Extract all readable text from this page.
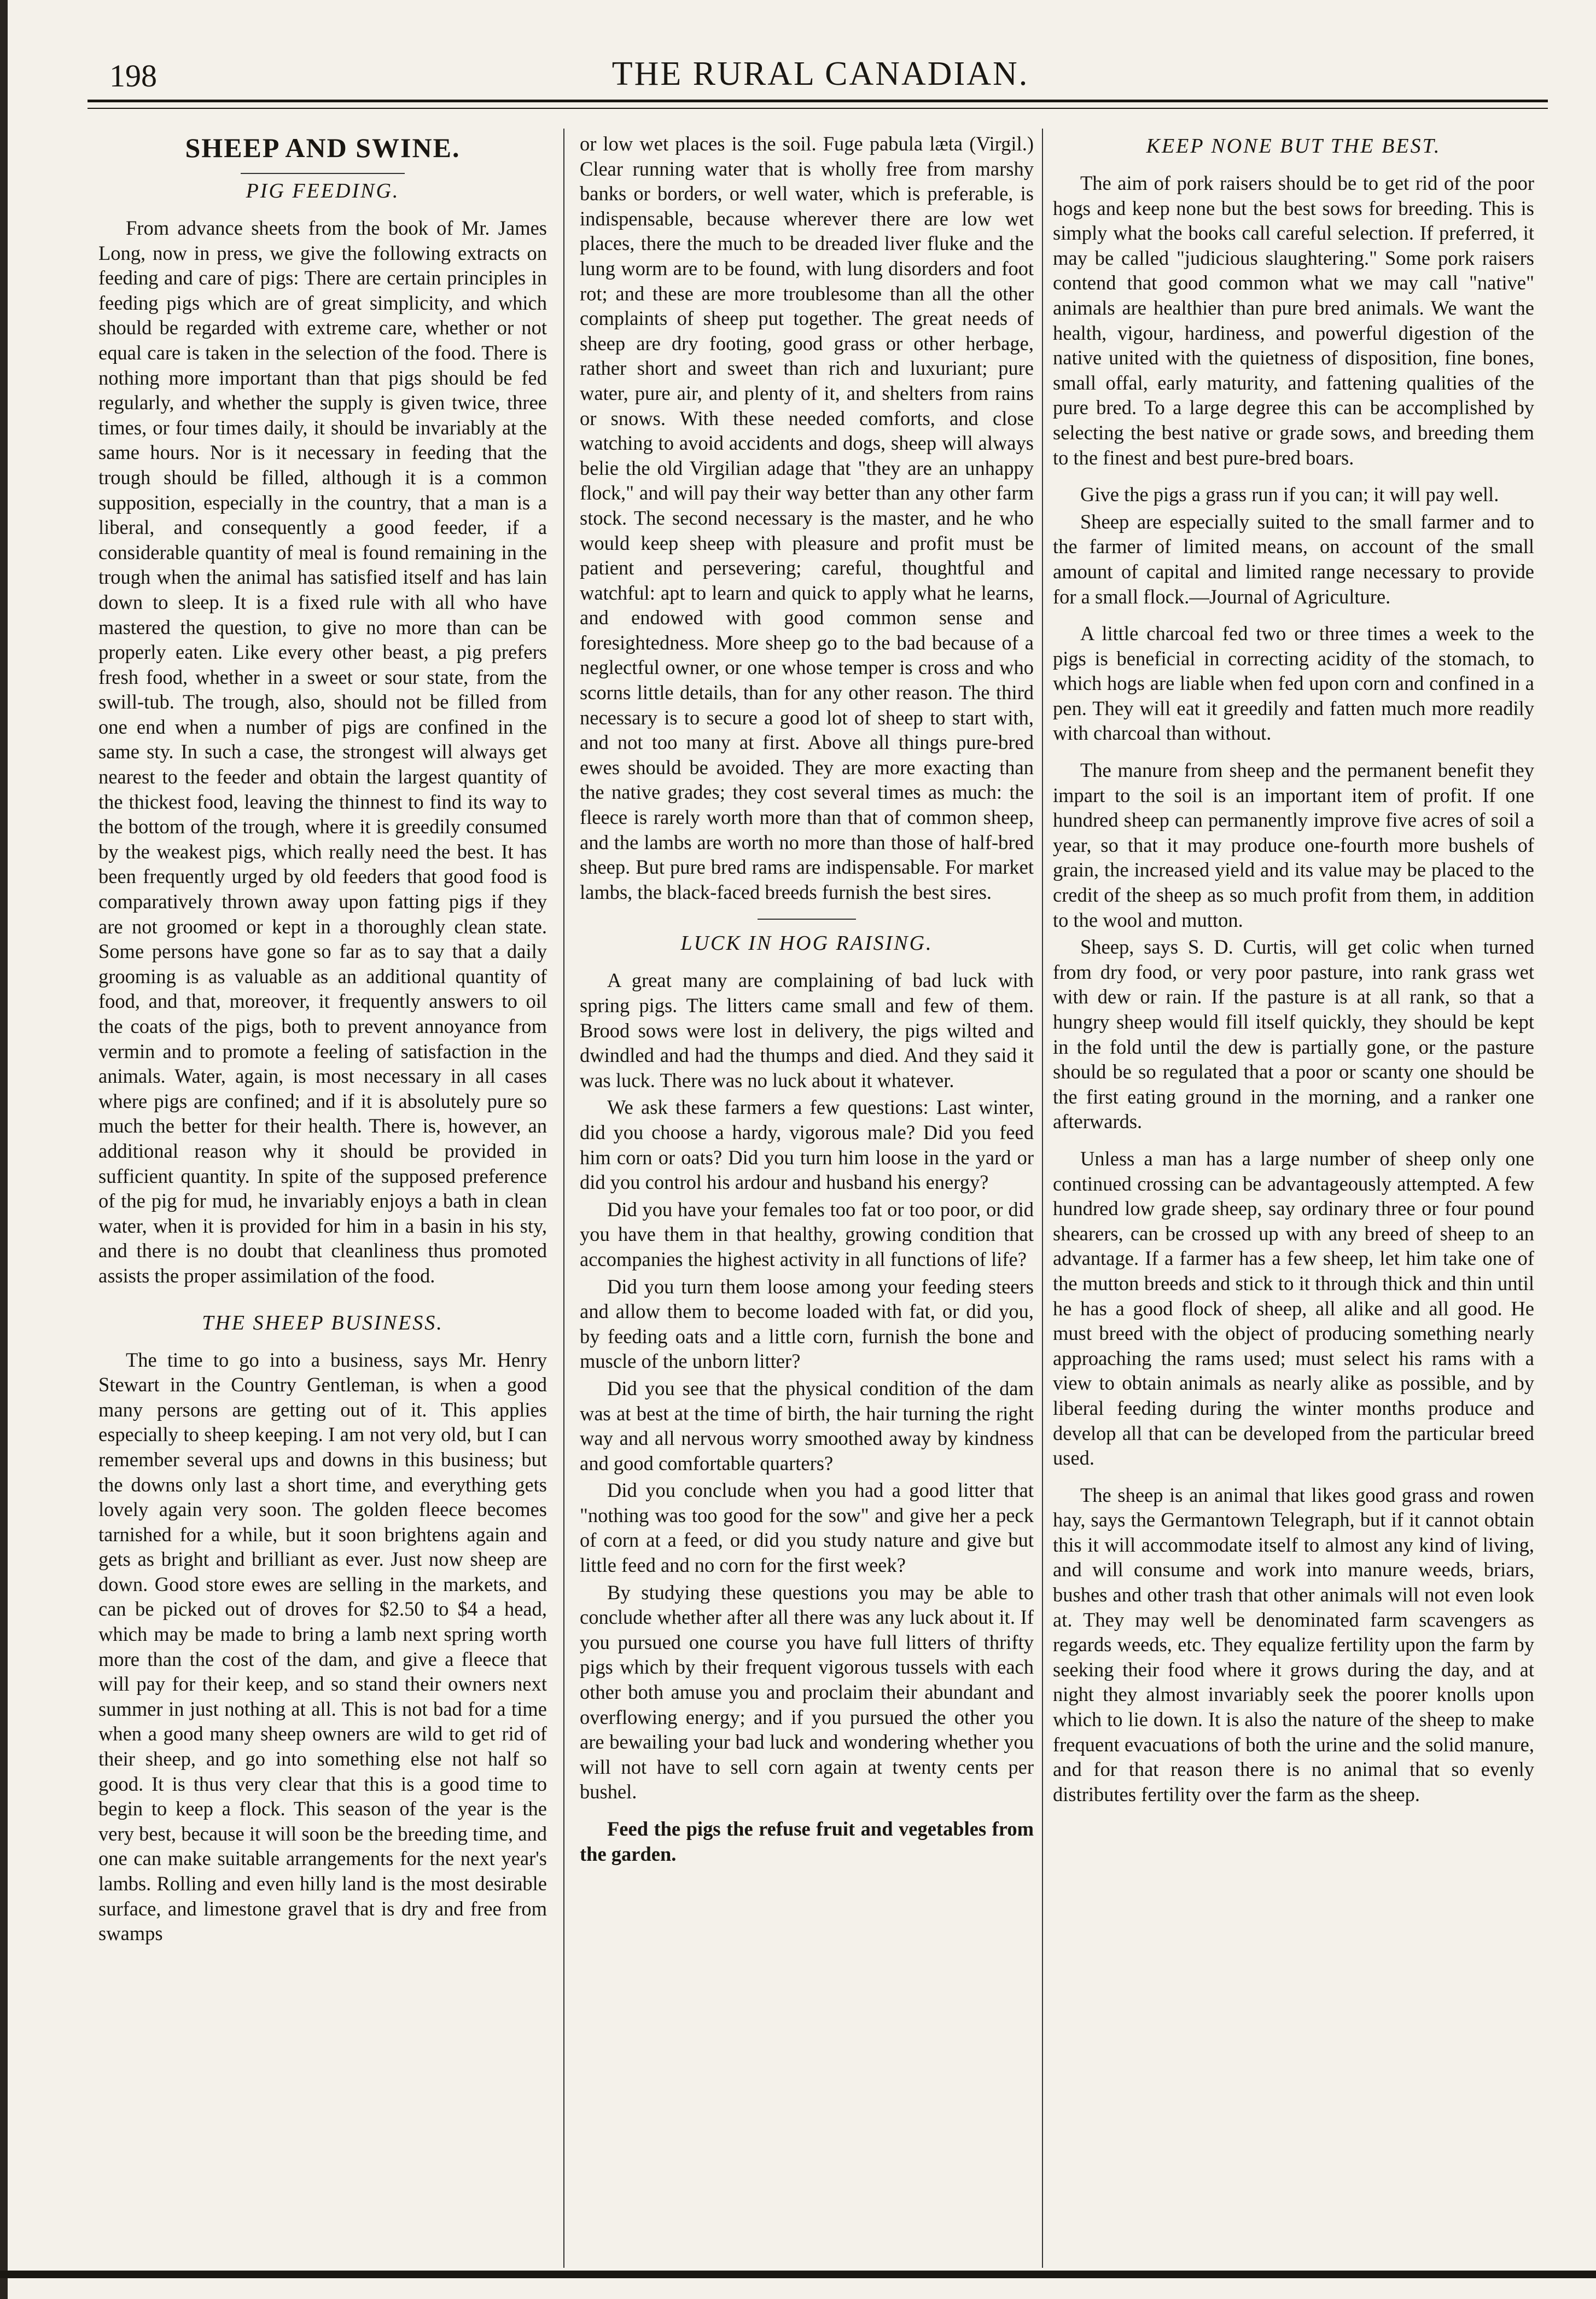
198	THE RURAL CANADIAN.
SHEEP AND SWINE.
PIG FEEDING.

From advance sheets from the book of Mr. James Long, now in press, we give the following extracts on feeding and care of pigs: There are certain principles in feeding pigs which are of great simplicity, and which should be regarded with extreme care, whether or not equal care is taken in the selection of the food. There is nothing more important than that pigs should be fed regularly, and whether the supply is given twice, three times, or four times daily, it should be invariably at the same hours. Nor is it necessary in feeding that the trough should be filled, although it is a common supposition, especially in the country, that a man is a liberal, and consequently a good feeder, if a considerable quantity of meal is found remaining in the trough when the animal has satisfied itself and has lain down to sleep. It is a fixed rule with all who have mastered the question, to give no more than can be properly eaten. Like every other beast, a pig prefers fresh food, whether in a sweet or sour state, from the swill-tub. The trough, also, should not be filled from one end when a number of pigs are confined in the same sty. In such a case, the strongest will always get nearest to the feeder and obtain the largest quantity of the thickest food, leaving the thinnest to find its way to the bottom of the trough, where it is greedily consumed by the weakest pigs, which really need the best. It has been frequently urged by old feeders that good food is comparatively thrown away upon fatting pigs if they are not groomed or kept in a thoroughly clean state. Some persons have gone so far as to say that a daily grooming is as valuable as an additional quantity of food, and that, moreover, it frequently answers to oil the coats of the pigs, both to prevent annoyance from vermin and to promote a feeling of satisfaction in the animals. Water, again, is most necessary in all cases where pigs are confined; and if it is absolutely pure so much the better for their health. There is, however, an additional reason why it should be provided in sufficient quantity. In spite of the supposed preference of the pig for mud, he invariably enjoys a bath in clean water, when it is provided for him in a basin in his sty, and there is no doubt that cleanliness thus promoted assists the proper assimilation of the food.

THE SHEEP BUSINESS.

The time to go into a business, says Mr. Henry Stewart in the Country Gentleman, is when a good many persons are getting out of it. This applies especially to sheep keeping. I am not very old, but I can remember several ups and downs in this business; but the downs only last a short time, and everything gets lovely again very soon. The golden fleece becomes tarnished for a while, but it soon brightens again and gets as bright and brilliant as ever. Just now sheep are down. Good store ewes are selling in the markets, and can be picked out of droves for $2.50 to $4 a head, which may be made to bring a lamb next spring worth more than the cost of the dam, and give a fleece that will pay for their keep, and so stand their owners next summer in just nothing at all. This is not bad for a time when a good many sheep owners are wild to get rid of their sheep, and go into something else not half so good. It is thus very clear that this is a good time to begin to keep a flock. This season of the year is the very best, because it will soon be the breeding time, and one can make suitable arrangements for the next year's lambs. Rolling and even hilly land is the most desirable surface, and limestone gravel that is dry and free from swamps

or low wet places is the soil. Fuge pabula læta (Virgil.) Clear running water that is wholly free from marshy banks or borders, or well water, which is preferable, is indispensable, because wherever there are low wet places, there the much to be dreaded liver fluke and the lung worm are to be found, with lung disorders and foot rot; and these are more troublesome than all the other complaints of sheep put together. The great needs of sheep are dry footing, good grass or other herbage, rather short and sweet than rich and luxuriant; pure water, pure air, and plenty of it, and shelters from rains or snows. With these needed comforts, and close watching to avoid accidents and dogs, sheep will always belie the old Virgilian adage that "they are an unhappy flock," and will pay their way better than any other farm stock. The second necessary is the master, and he who would keep sheep with pleasure and profit must be patient and persevering; careful, thoughtful and watchful: apt to learn and quick to apply what he learns, and endowed with good common sense and foresightedness. More sheep go to the bad because of a neglectful owner, or one whose temper is cross and who scorns little details, than for any other reason. The third necessary is to secure a good lot of sheep to start with, and not too many at first. Above all things pure-bred ewes should be avoided. They are more exacting than the native grades; they cost several times as much: the fleece is rarely worth more than that of common sheep, and the lambs are worth no more than those of half-bred sheep. But pure bred rams are indispensable. For market lambs, the black-faced breeds furnish the best sires.

LUCK IN HOG RAISING.

A great many are complaining of bad luck with spring pigs. The litters came small and few of them. Brood sows were lost in delivery, the pigs wilted and dwindled and had the thumps and died. And they said it was luck. There was no luck about it whatever.

We ask these farmers a few questions: Last winter, did you choose a hardy, vigorous male? Did you feed him corn or oats? Did you turn him loose in the yard or did you control his ardour and husband his energy?

Did you have your females too fat or too poor, or did you have them in that healthy, growing condition that accompanies the highest activity in all functions of life?

Did you turn them loose among your feeding steers and allow them to become loaded with fat, or did you, by feeding oats and a little corn, furnish the bone and muscle of the unborn litter?

Did you see that the physical condition of the dam was at best at the time of birth, the hair turning the right way and all nervous worry smoothed away by kindness and good comfortable quarters?

Did you conclude when you had a good litter that "nothing was too good for the sow" and give her a peck of corn at a feed, or did you study nature and give but little feed and no corn for the first week?

By studying these questions you may be able to conclude whether after all there was any luck about it. If you pursued one course you have full litters of thrifty pigs which by their frequent vigorous tussels with each other both amuse you and proclaim their abundant and overflowing energy; and if you pursued the other you are bewailing your bad luck and wondering whether you will not have to sell corn again at twenty cents per bushel.

Feed the pigs the refuse fruit and vegetables from the garden.

KEEP NONE BUT THE BEST.

The aim of pork raisers should be to get rid of the poor hogs and keep none but the best sows for breeding. This is simply what the books call careful selection. If preferred, it may be called "judicious slaughtering." Some pork raisers contend that good common what we may call "native" animals are healthier than pure bred animals. We want the health, vigour, hardiness, and powerful digestion of the native united with the quietness of disposition, fine bones, small offal, early maturity, and fattening qualities of the pure bred. To a large degree this can be accomplished by selecting the best native or grade sows, and breeding them to the finest and best pure-bred boars.

Give the pigs a grass run if you can; it will pay well.

Sheep are especially suited to the small farmer and to the farmer of limited means, on account of the small amount of capital and limited range necessary to provide for a small flock.—Journal of Agriculture.

A little charcoal fed two or three times a week to the pigs is beneficial in correcting acidity of the stomach, to which hogs are liable when fed upon corn and confined in a pen. They will eat it greedily and fatten much more readily with charcoal than without.

The manure from sheep and the permanent benefit they impart to the soil is an important item of profit. If one hundred sheep can permanently improve five acres of soil a year, so that it may produce one-fourth more bushels of grain, the increased yield and its value may be placed to the credit of the sheep as so much profit from them, in addition to the wool and mutton.

Sheep, says S. D. Curtis, will get colic when turned from dry food, or very poor pasture, into rank grass wet with dew or rain. If the pasture is at all rank, so that a hungry sheep would fill itself quickly, they should be kept in the fold until the dew is partially gone, or the pasture should be so regulated that a poor or scanty one should be the first eating ground in the morning, and a ranker one afterwards.

Unless a man has a large number of sheep only one continued crossing can be advantageously attempted. A few hundred low grade sheep, say ordinary three or four pound shearers, can be crossed up with any breed of sheep to an advantage. If a farmer has a few sheep, let him take one of the mutton breeds and stick to it through thick and thin until he has a good flock of sheep, all alike and all good. He must breed with the object of producing something nearly approaching the rams used; must select his rams with a view to obtain animals as nearly alike as possible, and by liberal feeding during the winter months produce and develop all that can be developed from the particular breed used.

The sheep is an animal that likes good grass and rowen hay, says the Germantown Telegraph, but if it cannot obtain this it will accommodate itself to almost any kind of living, and will consume and work into manure weeds, briars, bushes and other trash that other animals will not even look at. They may well be denominated farm scavengers as regards weeds, etc. They equalize fertility upon the farm by seeking their food where it grows during the day, and at night they almost invariably seek the poorer knolls upon which to lie down. It is also the nature of the sheep to make frequent evacuations of both the urine and the solid manure, and for that reason there is no animal that so evenly distributes fertility over the farm as the sheep.
